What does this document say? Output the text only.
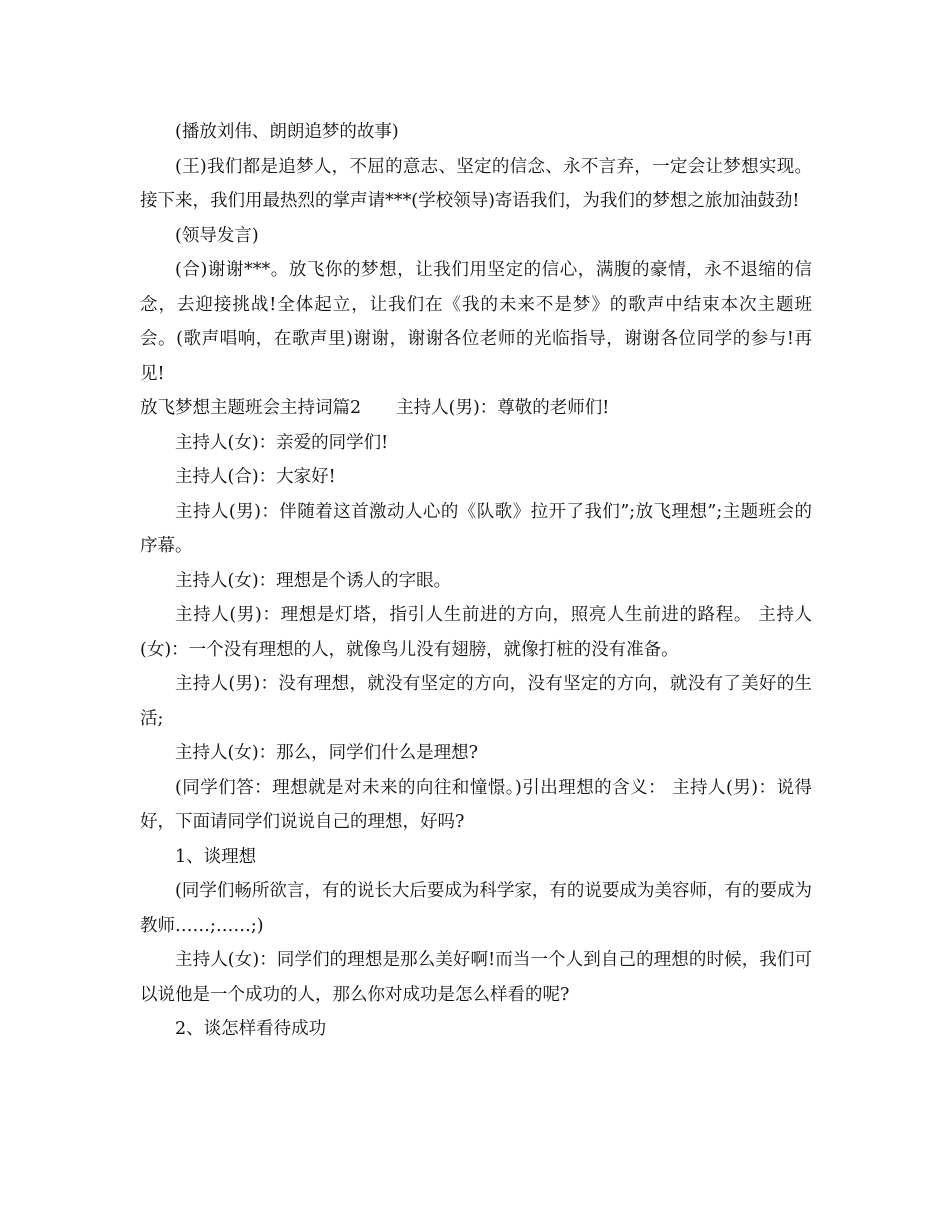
(播放刘伟、朗朗追梦的故事)

(王)我们都是追梦人，不屈的意志、坚定的信念、永不言弃，一定会让梦想实现。接下来，我们用最热烈的掌声请***(学校领导)寄语我们，为我们的梦想之旅加油鼓劲!

(领导发言)

(合)谢谢***。放飞你的梦想，让我们用坚定的信心，满腹的豪情，永不退缩的信念，去迎接挑战!全体起立，让我们在《我的未来不是梦》的歌声中结束本次主题班会。(歌声唱响，在歌声里)谢谢，谢谢各位老师的光临指导，谢谢各位同学的参与!再见!

放飞梦想主题班会主持词篇2　　主持人(男)：尊敬的老师们!

主持人(女)：亲爱的同学们!

主持人(合)：大家好!

主持人(男)：伴随着这首激动人心的《队歌》拉开了我们”;放飞理想”;主题班会的序幕。

主持人(女)：理想是个诱人的字眼。

主持人(男)：理想是灯塔，指引人生前进的方向，照亮人生前进的路程。 主持人(女)：一个没有理想的人，就像鸟儿没有翅膀，就像打桩的没有准备。

主持人(男)：没有理想，就没有坚定的方向，没有坚定的方向，就没有了美好的生活;

主持人(女)：那么，同学们什么是理想?

(同学们答：理想就是对未来的向往和憧憬。)引出理想的含义： 主持人(男)：说得好，下面请同学们说说自己的理想，好吗?

1、谈理想

(同学们畅所欲言，有的说长大后要成为科学家，有的说要成为美容师，有的要成为教师……;……;)

主持人(女)：同学们的理想是那么美好啊!而当一个人到自己的理想的时候，我们可以说他是一个成功的人，那么你对成功是怎么样看的呢?

2、谈怎样看待成功
